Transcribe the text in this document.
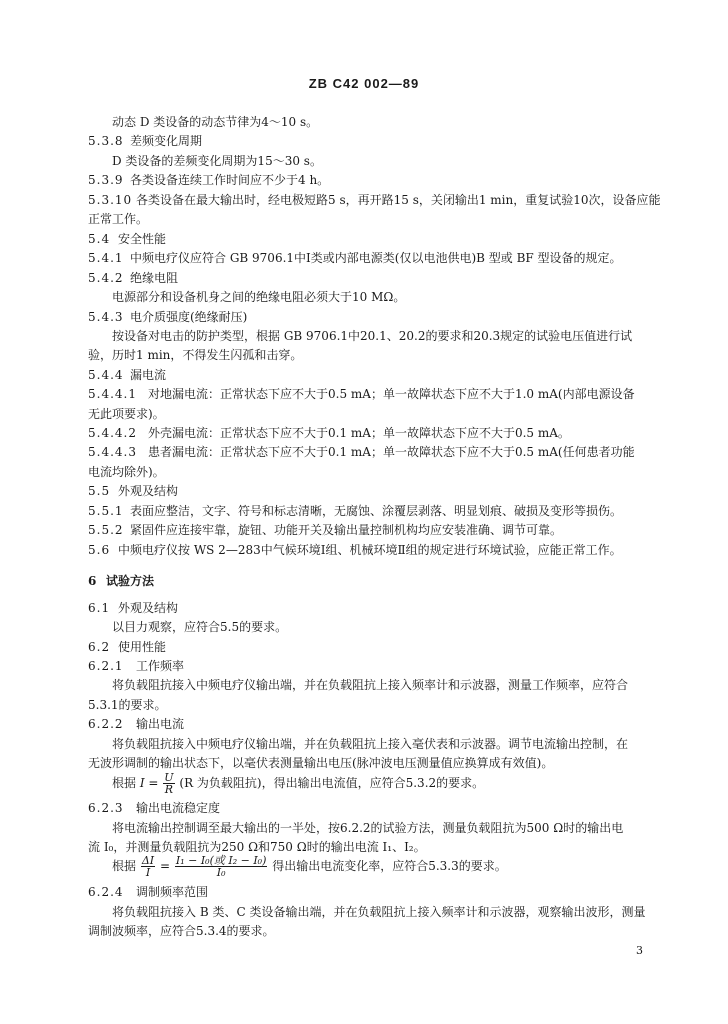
ZB C42 002—89
动态 D 类设备的动态节律为4～10 s。
5.3.8 差频变化周期
D 类设备的差频变化周期为15～30 s。
5.3.9 各类设备连续工作时间应不少于4 h。
5.3.10 各类设备在最大输出时，经电极短路5 s，再开路15 s，关闭输出1 min，重复试验10次，设备应能
正常工作。
5.4 安全性能
5.4.1 中频电疗仪应符合 GB 9706.1中Ⅰ类或内部电源类(仅以电池供电)B 型或 BF 型设备的规定。
5.4.2 绝缘电阻
电源部分和设备机身之间的绝缘电阻必须大于10 MΩ。
5.4.3 电介质强度(绝缘耐压)
按设备对电击的防护类型，根据 GB 9706.1中20.1、20.2的要求和20.3规定的试验电压值进行试
验，历时1 min，不得发生闪孤和击穿。
5.4.4 漏电流
5.4.4.1 对地漏电流：正常状态下应不大于0.5 mA；单一故障状态下应不大于1.0 mA(内部电源设备
无此项要求)。
5.4.4.2 外壳漏电流：正常状态下应不大于0.1 mA；单一故障状态下应不大于0.5 mA。
5.4.4.3 患者漏电流：正常状态下应不大于0.1 mA；单一故障状态下应不大于0.5 mA(任何患者功能
电流均除外)。
5.5 外观及结构
5.5.1 表面应整洁，文字、符号和标志清晰，无腐蚀、涂覆层剥落、明显划痕、破损及变形等损伤。
5.5.2 紧固件应连接牢靠，旋钮、功能开关及输出量控制机构均应安装准确、调节可靠。
5.6 中频电疗仪按 WS 2—283中气候环境Ⅰ组、机械环境Ⅱ组的规定进行环境试验，应能正常工作。
6 试验方法
6.1 外观及结构
以目力观察，应符合5.5的要求。
6.2 使用性能
6.2.1 工作频率
将负载阻抗接入中频电疗仪输出端，并在负载阻抗上接入频率计和示波器，测量工作频率，应符合
5.3.1的要求。
6.2.2 输出电流
将负载阻抗接入中频电疗仪输出端，并在负载阻抗上接入毫伏表和示波器。调节电流输出控制，在
无波形调制的输出状态下，以毫伏表测量输出电压(脉冲波电压测量值应换算成有效值)。
根据 $I = \frac{U}{R} (R$ 为负载阻抗)，得出输出电流值，应符合5.3.2的要求。
6.2.3 输出电流稳定度
将电流输出控制调至最大输出的一半处，按6.2.2的试验方法，测量负载阻抗为500 Ω时的输出电
流 I₀，并测量负载阻抗为250 Ω和750 Ω时的输出电流 I₁、I₂。
根据 $\frac{\Delta I}{I} = \frac{\text{I₁ − I₀(或 I₂ − I₀)}}{\text{I₀}}$ 得出输出电流变化率，应符合5.3.3的要求。
6.2.4 调制频率范围
将负载阻抗接入 B 类、C 类设备输出端，并在负载阻抗上接入频率计和示波器，观察输出波形，测量
调制波频率，应符合5.3.4的要求。
3
